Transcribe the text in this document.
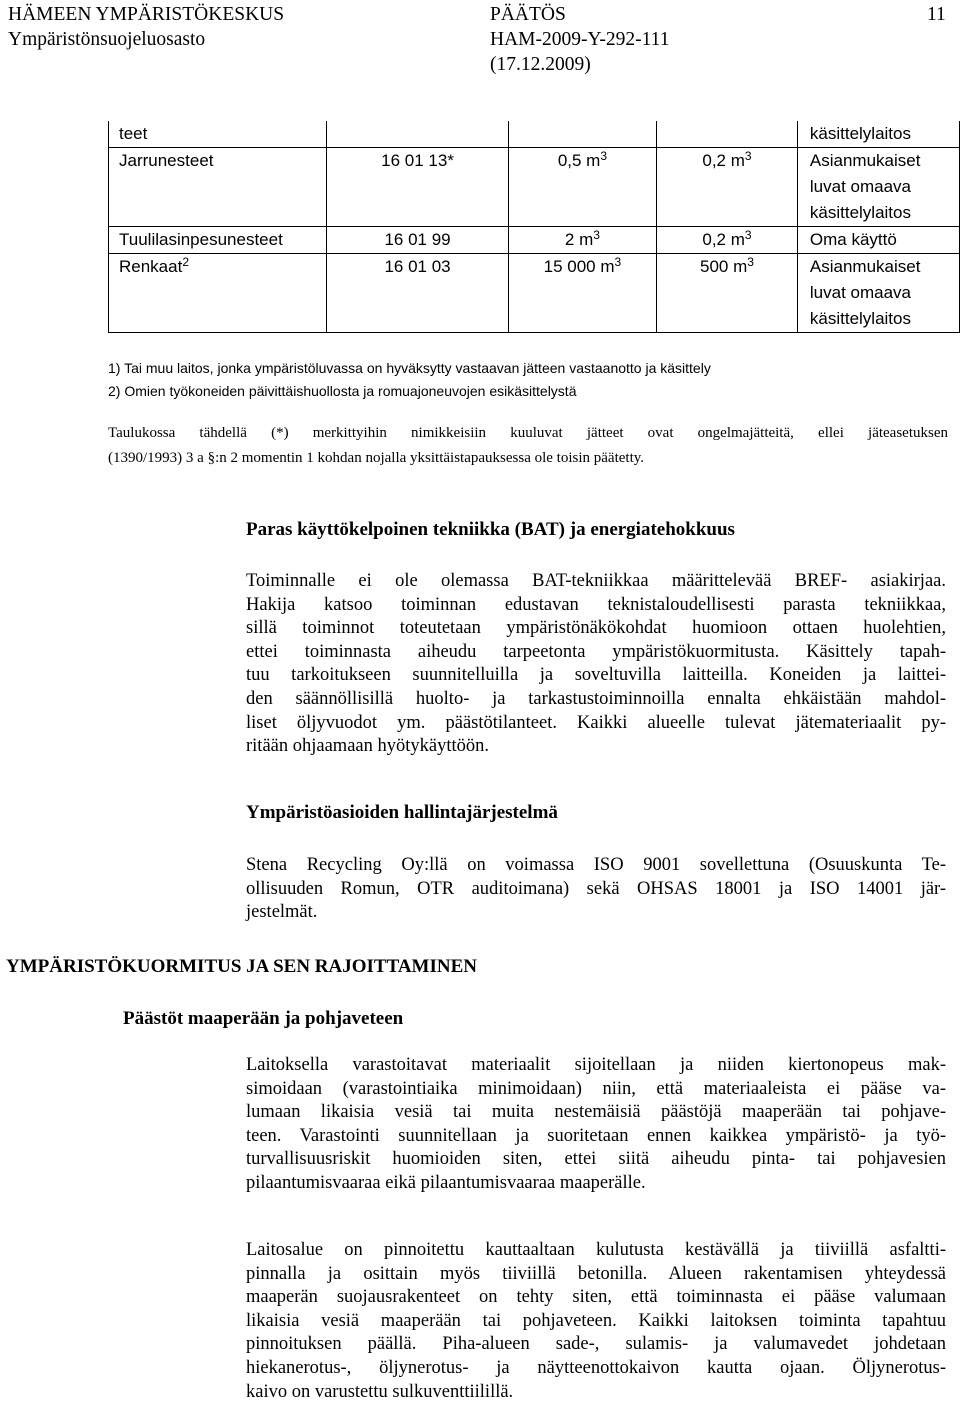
HÄMEEN YMPÄRISTÖKESKUS
Ympäristönsuojeluosasto
PÄÄTÖS
HAM-2009-Y-292-111
(17.12.2009)
11
teet				käsittelylaitos

Jarrunesteet	16 01 13*	0,5 $m^3$	0,2 $m^3$	Asianmukaiset
luvat omaava
käsittelylaitos

Tuulilasinpesunesteet	16 01 99	2 $m^3$	0,2 $m^3$	Oma käyttö

Renkaat$^2$	16 01 03	15 000 $m^3$	500 $m^3$	Asianmukaiset
luvat omaava
käsittelylaitos
1) Tai muu laitos, jonka ympäristöluvassa on hyväksytty vastaavan jätteen vastaanotto ja käsittely
2) Omien työkoneiden päivittäishuollosta ja romuajoneuvojen esikäsittelystä
Taulukossa tähdellä (*) merkittyihin nimikkeisiin kuuluvat jätteet ovat ongelmajätteitä, ellei jäteasetuksen
(1390/1993) 3 a §:n 2 momentin 1 kohdan nojalla yksittäistapauksessa ole toisin päätetty.
Paras käyttökelpoinen tekniikka (BAT) ja energiatehokkuus
Toiminnalle ei ole olemassa BAT-tekniikkaa määrittelevää BREF- asiakirjaa.
Hakija katsoo toiminnan edustavan teknistaloudellisesti parasta tekniikkaa,
sillä toiminnot toteutetaan ympäristönäkökohdat huomioon ottaen huolehtien,
ettei toiminnasta aiheudu tarpeetonta ympäristökuormitusta. Käsittely tapah-
tuu tarkoitukseen suunnitelluilla ja soveltuvilla laitteilla. Koneiden ja laittei-
den säännöllisillä huolto- ja tarkastustoiminnoilla ennalta ehkäistään mahdol-
liset öljyvuodot ym. päästötilanteet. Kaikki alueelle tulevat jätemateriaalit py-
ritään ohjaamaan hyötykäyttöön.
Ympäristöasioiden hallintajärjestelmä
Stena Recycling Oy:llä on voimassa ISO 9001 sovellettuna (Osuuskunta Te-
ollisuuden Romun, OTR auditoimana) sekä OHSAS 18001 ja ISO 14001 jär-
jestelmät.
YMPÄRISTÖKUORMITUS JA SEN RAJOITTAMINEN
Päästöt maaperään ja pohjaveteen
Laitoksella varastoitavat materiaalit sijoitellaan ja niiden kiertonopeus mak-
simoidaan (varastointiaika minimoidaan) niin, että materiaaleista ei pääse va-
lumaan likaisia vesiä tai muita nestemäisiä päästöjä maaperään tai pohjave-
teen. Varastointi suunnitellaan ja suoritetaan ennen kaikkea ympäristö- ja työ-
turvallisuusriskit huomioiden siten, ettei siitä aiheudu pinta- tai pohjavesien
pilaantumisvaaraa eikä pilaantumisvaaraa maaperälle.
Laitosalue on pinnoitettu kauttaaltaan kulutusta kestävällä ja tiiviillä asfaltti-
pinnalla ja osittain myös tiiviillä betonilla. Alueen rakentamisen yhteydessä
maaperän suojausrakenteet on tehty siten, että toiminnasta ei pääse valumaan
likaisia vesiä maaperään tai pohjaveteen. Kaikki laitoksen toiminta tapahtuu
pinnoituksen päällä. Piha-alueen sade-, sulamis- ja valumavedet johdetaan
hiekanerotus-, öljynerotus- ja näytteenottokaivon kautta ojaan. Öljynerotus-
kaivo on varustettu sulkuventtiilillä.
